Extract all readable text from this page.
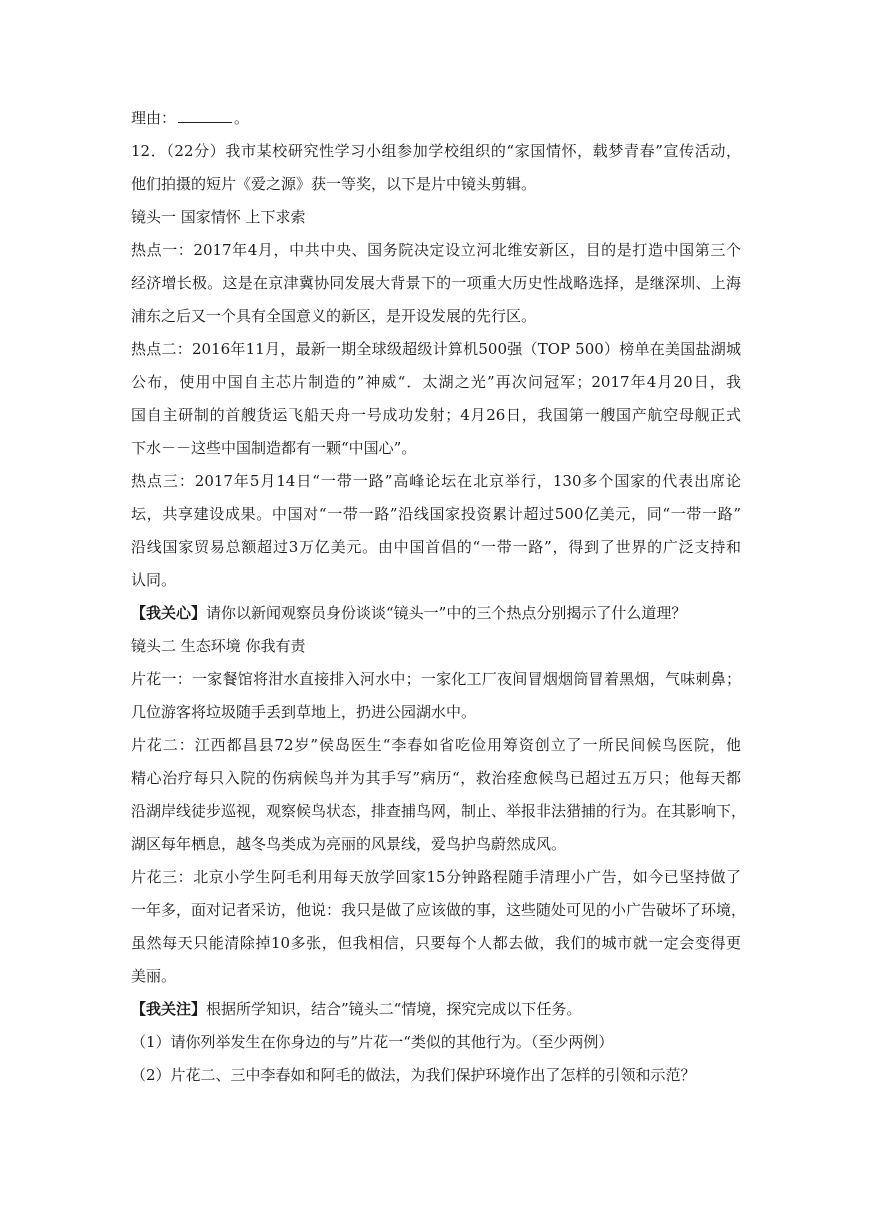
理由：	。

12．（22分）我市某校研究性学习小组参加学校组织的“家国情怀，载梦青春”宣传活动，

他们拍摄的短片《爱之源》获一等奖，以下是片中镜头剪辑。

镜头一 国家情怀 上下求索

热点一：2017年4月，中共中央、国务院决定设立河北维安新区，目的是打造中国第三个

经济增长极。这是在京津冀协同发展大背景下的一项重大历史性战略选择，是继深圳、上海

浦东之后又一个具有全国意义的新区，是开设发展的先行区。

热点二：2016年11月，最新一期全球级超级计算机500强（TOP 500）榜单在美国盐湖城

公布，使用中国自主芯片制造的”神威“．太湖之光”再次问冠军；2017年4月20日，我

国自主研制的首艘货运飞船天舟一号成功发射；4月26日，我国第一艘国产航空母舰正式

下水－－这些中国制造都有一颗“中国心”。

热点三：2017年5月14日“一带一路”高峰论坛在北京举行，130多个国家的代表出席论

坛，共享建设成果。中国对“一带一路”沿线国家投资累计超过500亿美元，同“一带一路”

沿线国家贸易总额超过3万亿美元。由中国首倡的“一带一路”，得到了世界的广泛支持和

认同。

【我关心】请你以新闻观察员身份谈谈“镜头一”中的三个热点分别揭示了什么道理？

镜头二 生态环境 你我有责

片花一：一家餐馆将泔水直接排入河水中；一家化工厂夜间冒烟烟筒冒着黑烟，气味刺鼻；

几位游客将垃圾随手丢到草地上，扔进公园湖水中。

片花二：江西都昌县72岁”侯岛医生“李春如省吃俭用筹资创立了一所民间候鸟医院，他

精心治疗每只入院的伤病候鸟并为其手写”病历“，救治痊愈候鸟已超过五万只；他每天都

沿湖岸线徒步巡视，观察候鸟状态，排查捕鸟网，制止、举报非法猎捕的行为。在其影响下，

湖区每年栖息，越冬鸟类成为亮丽的风景线，爱鸟护鸟蔚然成风。

片花三：北京小学生阿毛利用每天放学回家15分钟路程随手清理小广告，如今已坚持做了

一年多，面对记者采访，他说：我只是做了应该做的事，这些随处可见的小广告破坏了环境，

虽然每天只能清除掉10多张，但我相信，只要每个人都去做，我们的城市就一定会变得更

美丽。

【我关注】根据所学知识，结合”镜头二“情境，探究完成以下任务。

（1）请你列举发生在你身边的与”片花一“类似的其他行为。（至少两例）

（2）片花二、三中李春如和阿毛的做法，为我们保护环境作出了怎样的引领和示范？
